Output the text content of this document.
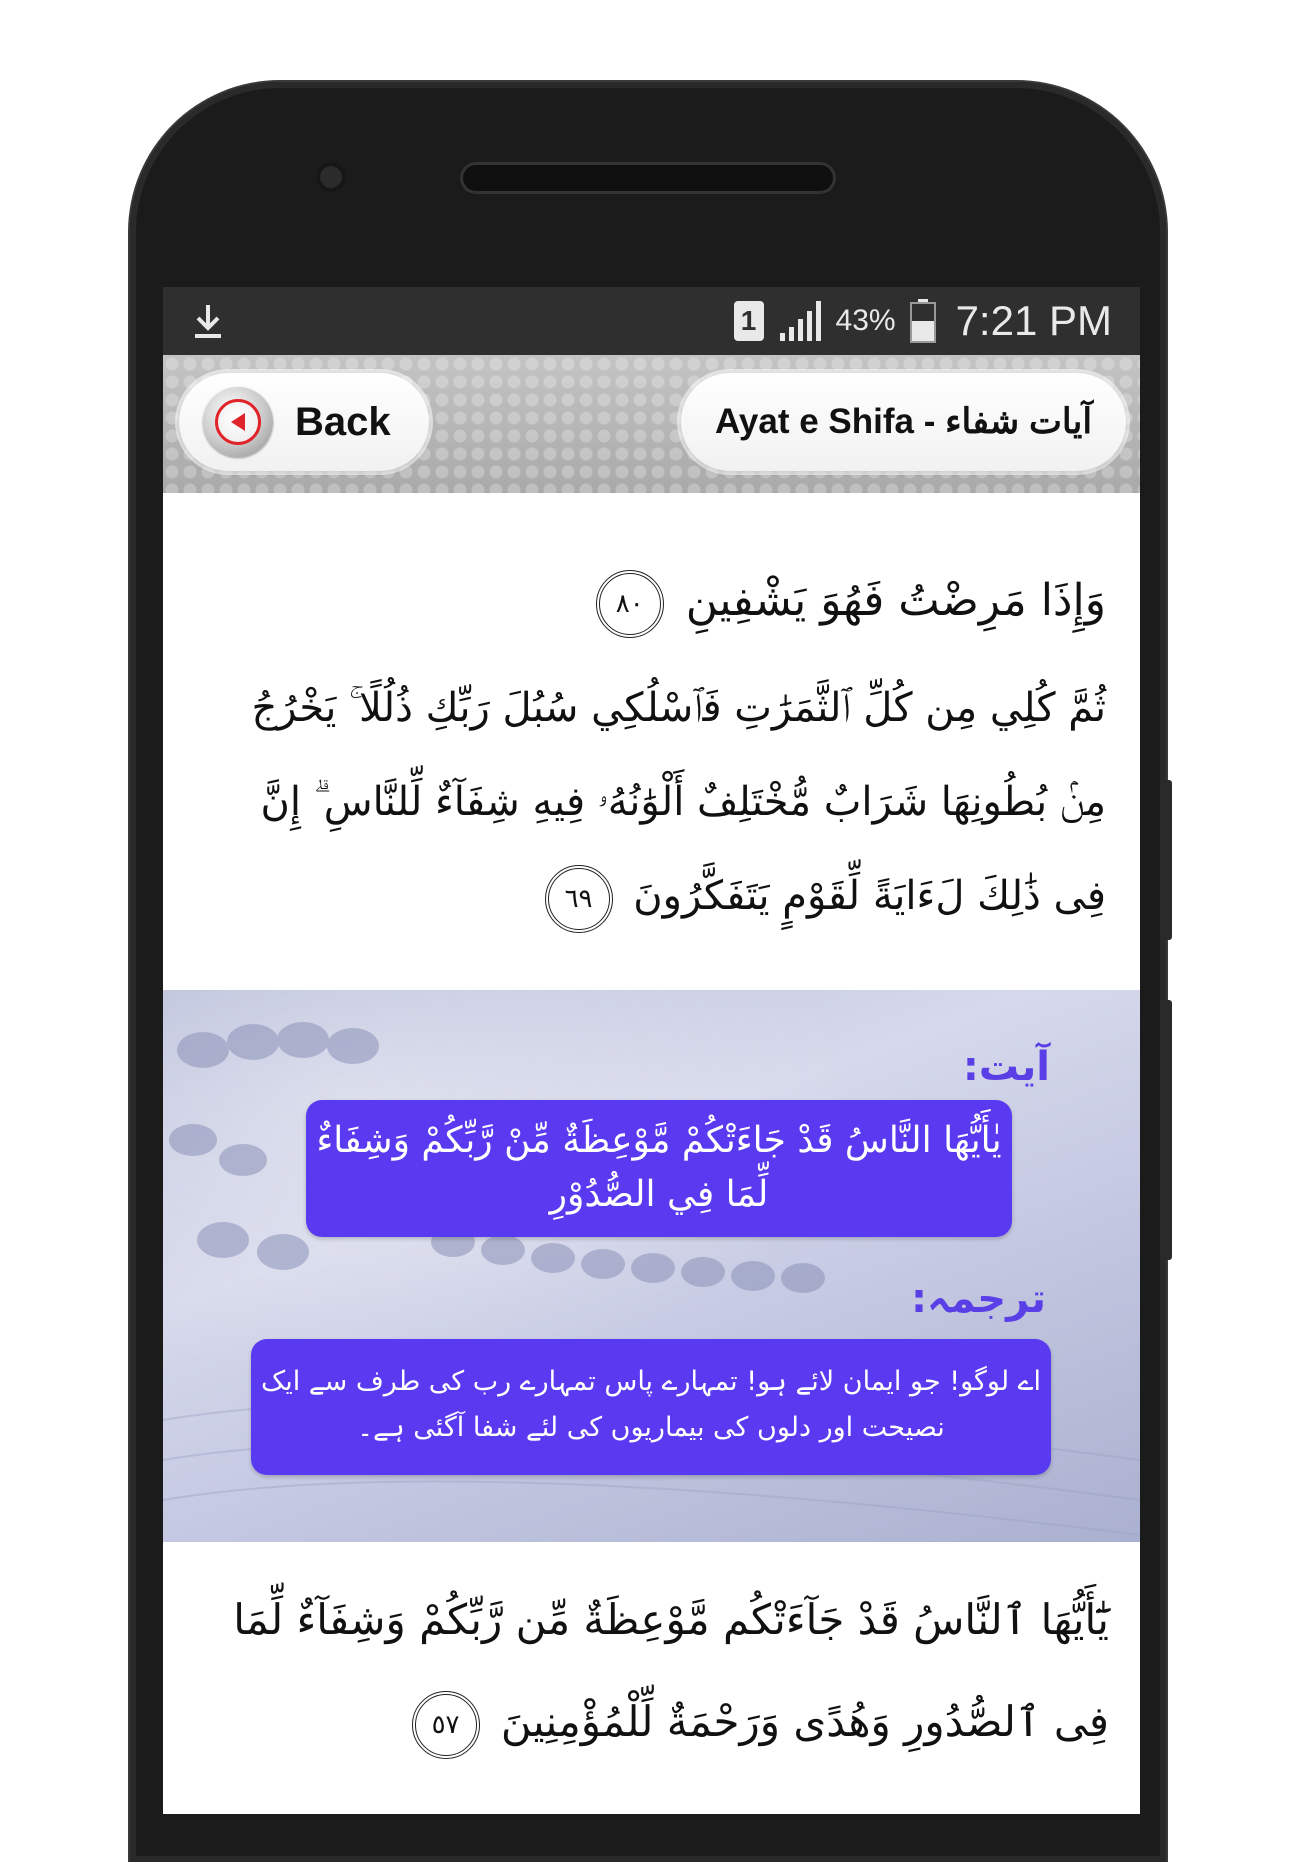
1	43% 7:21 PM
Back	Ayat e Shifa - آیات شفاء
وَإِذَا مَرِضْتُ فَهُوَ يَشْفِينِ ٨٠
ثُمَّ كُلِي مِن كُلِّ ٱلثَّمَرَٰتِ فَٱسْلُكِي سُبُلَ رَبِّكِ ذُلُلًا ۚ يَخْرُجُ مِنۢ بُطُونِهَا شَرَابٌ مُّخْتَلِفٌ أَلْوَٰنُهُۥ فِيهِ شِفَآءٌ لِّلنَّاسِ ۗ إِنَّ فِى ذَٰلِكَ لَءَايَةً لِّقَوْمٍ يَتَفَكَّرُونَ ٦٩
آیت:
يٰأَيُّهَا النَّاسُ قَدْ جَاءَتْكُمْ مَّوْعِظَةٌ مِّنْ رَّبِّكُمْ وَشِفَاءٌ لِّمَا فِي الصُّدُوْرِ
ترجمہ:
اے لوگو! جو ایمان لائے ہو! تمہارے پاس تمہارے رب کی طرف سے ایک نصیحت اور دلوں کی بیماریوں کی لئے شفا آگئی ہے۔
يَٰٓأَيُّهَا ٱلنَّاسُ قَدْ جَآءَتْكُم مَّوْعِظَةٌ مِّن رَّبِّكُمْ وَشِفَآءٌ لِّمَا فِى ٱلصُّدُورِ وَهُدًى وَرَحْمَةٌ لِّلْمُؤْمِنِينَ ٥٧
